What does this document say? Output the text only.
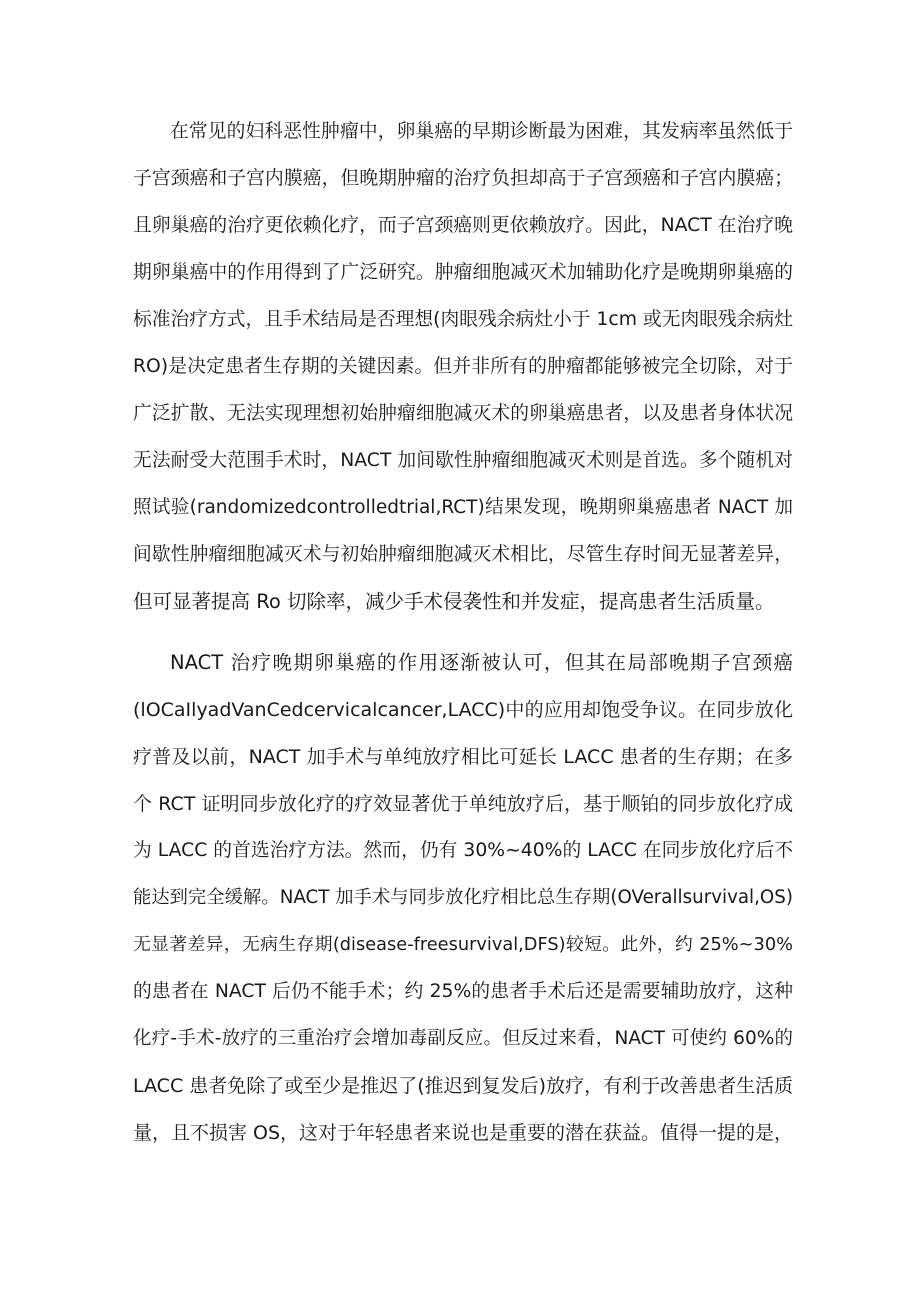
在常见的妇科恶性肿瘤中，卵巢癌的早期诊断最为困难，其发病率虽然低于
子宫颈癌和子宫内膜癌，但晚期肿瘤的治疗负担却高于子宫颈癌和子宫内膜癌；
且卵巢癌的治疗更依赖化疗，而子宫颈癌则更依赖放疗。因此，NACT 在治疗晚
期卵巢癌中的作用得到了广泛研究。肿瘤细胞减灭术加辅助化疗是晚期卵巢癌的
标准治疗方式，且手术结局是否理想(肉眼残余病灶小于 1cm 或无肉眼残余病灶
RO)是决定患者生存期的关键因素。但并非所有的肿瘤都能够被完全切除，对于
广泛扩散、无法实现理想初始肿瘤细胞减灭术的卵巢癌患者，以及患者身体状况
无法耐受大范围手术时，NACT 加间歇性肿瘤细胞减灭术则是首选。多个随机对
照试验(randomizedcontrolledtrial,RCT)结果发现，晚期卵巢癌患者 NACT 加
间歇性肿瘤细胞减灭术与初始肿瘤细胞减灭术相比，尽管生存时间无显著差异，
但可显著提高 Ro 切除率，减少手术侵袭性和并发症，提高患者生活质量。
NACT 治疗晚期卵巢癌的作用逐渐被认可，但其在局部晚期子宫颈癌
(lOCaIlyadVanCedcervicalcancer,LACC)中的应用却饱受争议。在同步放化
疗普及以前，NACT 加手术与单纯放疗相比可延长 LACC 患者的生存期；在多
个 RCT 证明同步放化疗的疗效显著优于单纯放疗后，基于顺铂的同步放化疗成
为 LACC 的首选治疗方法。然而，仍有 30%~40%的 LACC 在同步放化疗后不
能达到完全缓解。NACT 加手术与同步放化疗相比总生存期(OVerallsurvival,OS)
无显著差异，无病生存期(disease-freesurvival,DFS)较短。此外，约 25%~30%
的患者在 NACT 后仍不能手术；约 25%的患者手术后还是需要辅助放疗，这种
化疗-手术-放疗的三重治疗会增加毒副反应。但反过来看，NACT 可使约 60%的
LACC 患者免除了或至少是推迟了(推迟到复发后)放疗，有利于改善患者生活质
量，且不损害 OS，这对于年轻患者来说也是重要的潜在获益。值得一提的是，
